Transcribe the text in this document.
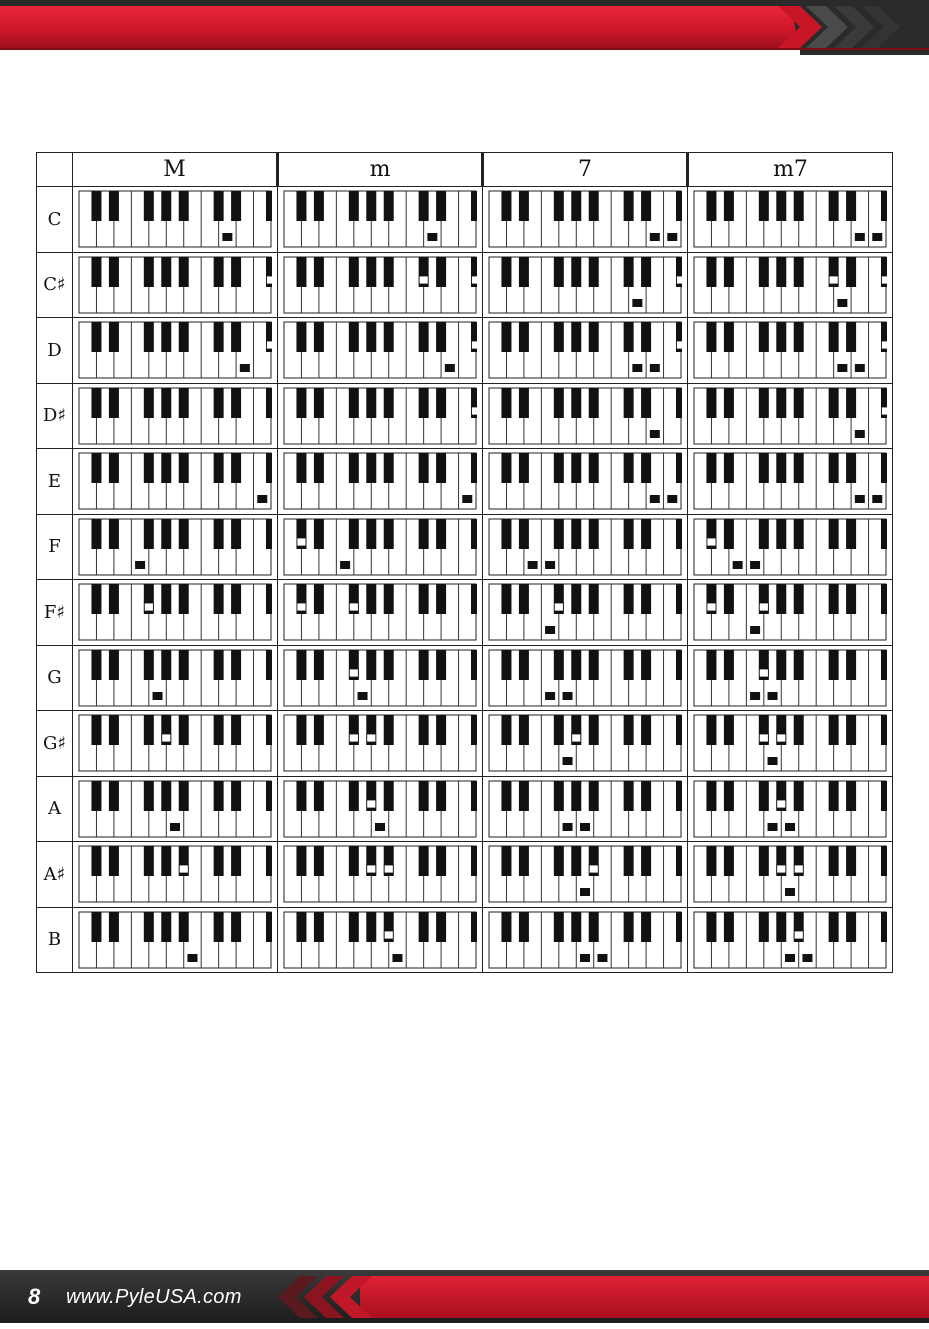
	M	m	7	m7
C	

C♯	

D	

D♯	

E	

F	

F♯	

G	

G♯	

A	

A♯	

B	

8 www.PyleUSA.com
